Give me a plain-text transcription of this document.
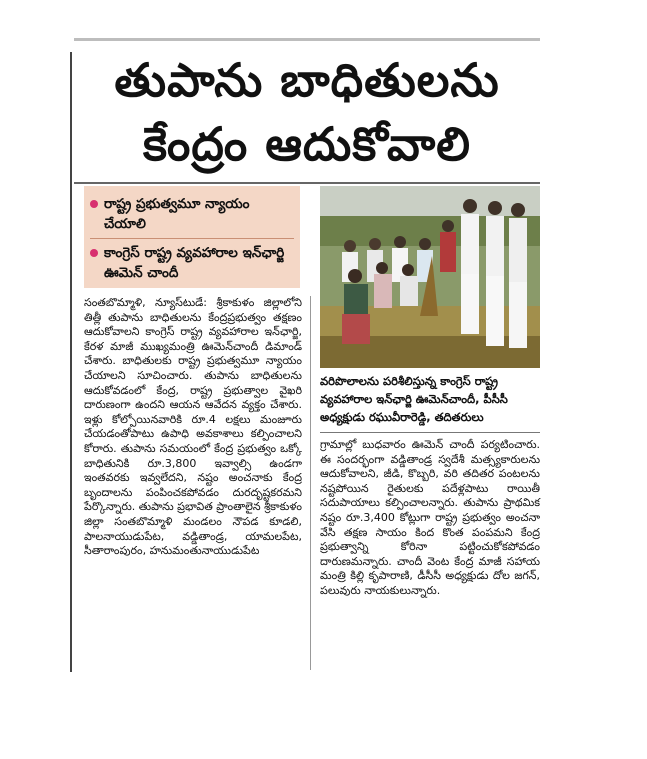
తుపాను బాధితులను
కేంద్రం ఆదుకోవాలి
రాష్ట్ర ప్రభుత్వమూ న్యాయం చేయాలి
కాంగ్రెస్ రాష్ట్ర వ్యవహారాల ఇన్‌ఛార్జి ఊమెన్ చాందీ
వరిపొలాలను పరిశీలిస్తున్న కాంగ్రెస్ రాష్ట్ర వ్యవహారాల ఇన్‌ఛార్జి ఊమెన్‌చాందీ, పీసీసీ అధ్యక్షుడు రఘువీరారెడ్డి, తదితరులు
సంతబొమ్మాళి, న్యూస్‌టుడే: శ్రీకాకుళం జిల్లాలోని తిత్లీ తుపాను బాధితులను కేంద్రప్రభుత్వం తక్షణం ఆదుకోవాలని కాంగ్రెస్ రాష్ట్ర వ్యవహారాల ఇన్‌ఛార్జి, కేరళ మాజీ ముఖ్యమంత్రి ఊమెన్‌చాందీ డిమాండ్ చేశారు. బాధితులకు రాష్ట్ర ప్రభుత్వమూ న్యాయం చేయాలని సూచించారు. తుపాను బాధితులను ఆదుకోవడంలో కేంద్ర, రాష్ట్ర ప్రభుత్వాల వైఖరి దారుణంగా ఉందని ఆయన ఆవేదన వ్యక్తం చేశారు. ఇళ్లు కోల్పోయినవారికి రూ.4 లక్షలు మంజూరు చేయడంతోపాటు ఉపాధి అవకాశాలు కల్పించాలని కోరారు. తుపాను సమయంలో కేంద్ర ప్రభుత్వం ఒక్కో బాధితునికి రూ.3,800 ఇవ్వాల్సి ఉండగా ఇంతవరకు ఇవ్వలేదని, నష్టం అంచనాకు కేంద్ర బృందాలను పంపించకపోవడం దురదృష్టకరమని పేర్కొన్నారు. తుపాను ప్రభావిత ప్రాంతాలైన శ్రీకాకుళం జిల్లా సంతబొమ్మాళి మండలం నౌపడ కూడలి, పాలనాయుడుపేట, వడ్డితాండ్ర, యామలపేట, సీతారాంపురం, హనుమంతునాయుడుపేట
గ్రామాల్లో బుధవారం ఊమెన్ చాందీ పర్యటించారు. ఈ సందర్భంగా వడ్డితాండ్ర స్వదేశీ మత్స్యకారులను ఆదుకోవాలని, జీడి, కొబ్బరి, వరి తదితర పంటలను నష్టపోయిన రైతులకు పదేళ్లపాటు రాయితీ సదుపాయాలు కల్పించాలన్నారు. తుపాను ప్రాథమిక నష్టం రూ.3,400 కోట్లుగా రాష్ట్ర ప్రభుత్వం అంచనా వేసి తక్షణ సాయం కింద కొంత పంపమని కేంద్ర ప్రభుత్వాన్ని కోరినా పట్టించుకోకపోవడం దారుణమన్నారు. చాందీ వెంట కేంద్ర మాజీ సహాయ మంత్రి కిల్లి కృపారాణి, డీసీసీ అధ్యక్షుడు దోల జగన్, పలువురు నాయకులున్నారు.
